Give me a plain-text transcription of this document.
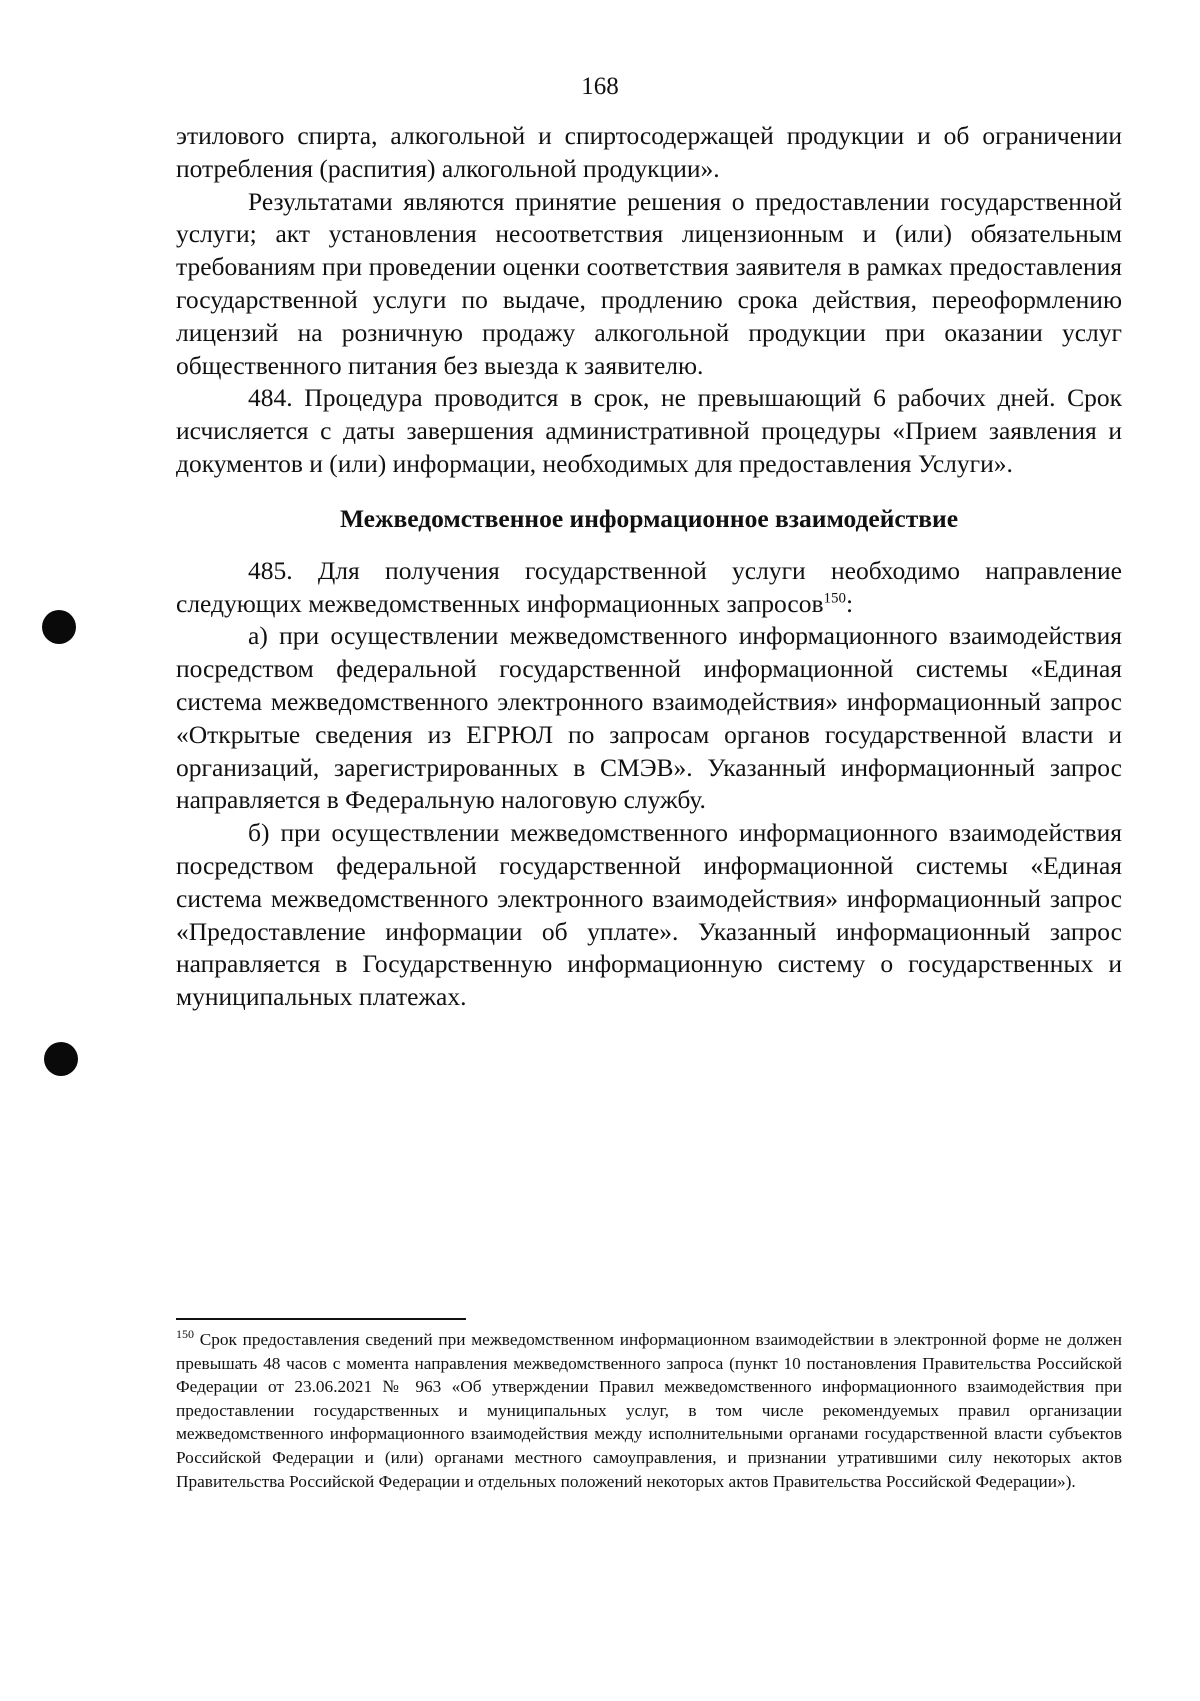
168

этилового спирта, алкогольной и спиртосодержащей продукции и об ограничении потребления (распития) алкогольной продукции».

Результатами являются принятие решения о предоставлении государственной услуги; акт установления несоответствия лицензионным и (или) обязательным требованиям при проведении оценки соответствия заявителя в рамках предоставления государственной услуги по выдаче, продлению срока действия, переоформлению лицензий на розничную продажу алкогольной продукции при оказании услуг общественного питания без выезда к заявителю.

484. Процедура проводится в срок, не превышающий 6 рабочих дней. Срок исчисляется с даты завершения административной процедуры «Прием заявления и документов и (или) информации, необходимых для предоставления Услуги».

Межведомственное информационное взаимодействие

485. Для получения государственной услуги необходимо направление следующих межведомственных информационных запросов$^{150}$:

а) при осуществлении межведомственного информационного взаимодействия посредством федеральной государственной информационной системы «Единая система межведомственного электронного взаимодействия» информационный запрос «Открытые сведения из ЕГРЮЛ по запросам органов государственной власти и организаций, зарегистрированных в СМЭВ». Указанный информационный запрос направляется в Федеральную налоговую службу.

б) при осуществлении межведомственного информационного взаимодействия посредством федеральной государственной информационной системы «Единая система межведомственного электронного взаимодействия» информационный запрос «Предоставление информации об уплате». Указанный информационный запрос направляется в Государственную информационную систему о государственных и муниципальных платежах.

$^{150}$ Срок предоставления сведений при межведомственном информационном взаимодействии в электронной форме не должен превышать 48 часов с момента направления межведомственного запроса (пункт 10 постановления Правительства Российской Федерации от 23.06.2021 № 963 «Об утверждении Правил межведомственного информационного взаимодействия при предоставлении государственных и муниципальных услуг, в том числе рекомендуемых правил организации межведомственного информационного взаимодействия между исполнительными органами государственной власти субъектов Российской Федерации и (или) органами местного самоуправления, и признании утратившими силу некоторых актов Правительства Российской Федерации и отдельных положений некоторых актов Правительства Российской Федерации»).
